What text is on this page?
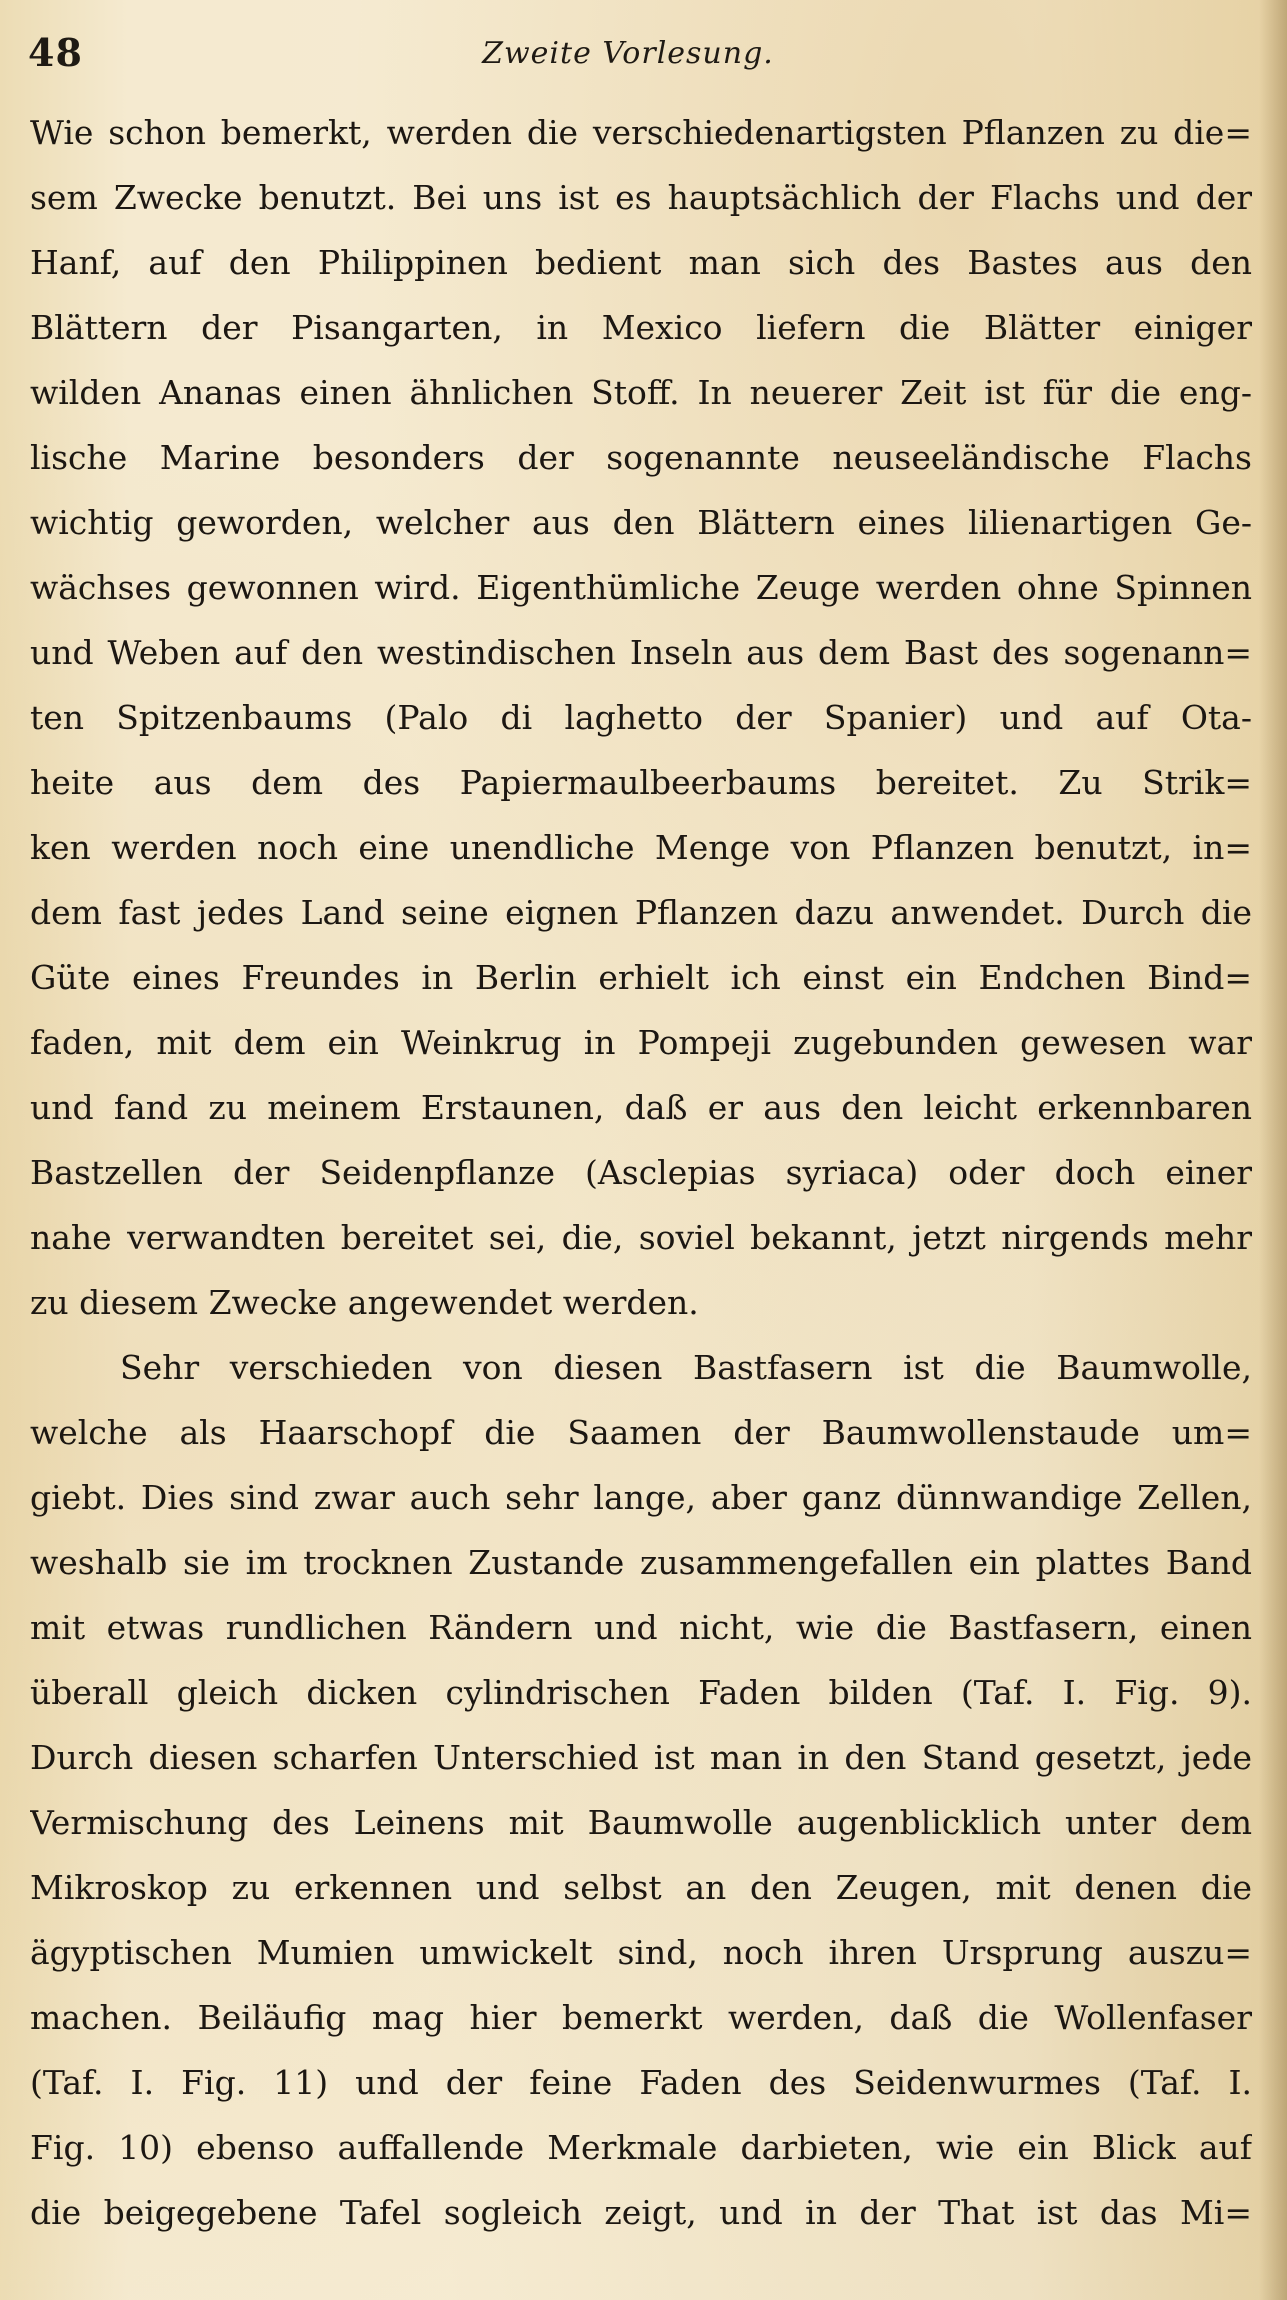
48	Zweite Vorlesung.
Wie schon bemerkt, werden die verschiedenartigsten Pflanzen zu die=
sem Zwecke benutzt. Bei uns ist es hauptsächlich der Flachs und der
Hanf, auf den Philippinen bedient man sich des Bastes aus den
Blättern der Pisangarten, in Mexico liefern die Blätter einiger
wilden Ananas einen ähnlichen Stoff. In neuerer Zeit ist für die eng-
lische Marine besonders der sogenannte neuseeländische Flachs
wichtig geworden, welcher aus den Blättern eines lilienartigen Ge-
wächses gewonnen wird. Eigenthümliche Zeuge werden ohne Spinnen
und Weben auf den westindischen Inseln aus dem Bast des sogenann=
ten Spitzenbaums (Palo di laghetto der Spanier) und auf Ota-
heite aus dem des Papiermaulbeerbaums bereitet. Zu Strik=
ken werden noch eine unendliche Menge von Pflanzen benutzt, in=
dem fast jedes Land seine eignen Pflanzen dazu anwendet. Durch die
Güte eines Freundes in Berlin erhielt ich einst ein Endchen Bind=
faden, mit dem ein Weinkrug in Pompeji zugebunden gewesen war
und fand zu meinem Erstaunen, daß er aus den leicht erkennbaren
Bastzellen der Seidenpflanze (Asclepias syriaca) oder doch einer
nahe verwandten bereitet sei, die, soviel bekannt, jetzt nirgends mehr
zu diesem Zwecke angewendet werden.
Sehr verschieden von diesen Bastfasern ist die Baumwolle,
welche als Haarschopf die Saamen der Baumwollenstaude um=
giebt. Dies sind zwar auch sehr lange, aber ganz dünnwandige Zellen,
weshalb sie im trocknen Zustande zusammengefallen ein plattes Band
mit etwas rundlichen Rändern und nicht, wie die Bastfasern, einen
überall gleich dicken cylindrischen Faden bilden (Taf. I. Fig. 9).
Durch diesen scharfen Unterschied ist man in den Stand gesetzt, jede
Vermischung des Leinens mit Baumwolle augenblicklich unter dem
Mikroskop zu erkennen und selbst an den Zeugen, mit denen die
ägyptischen Mumien umwickelt sind, noch ihren Ursprung auszu=
machen. Beiläufig mag hier bemerkt werden, daß die Wollenfaser
(Taf. I. Fig. 11) und der feine Faden des Seidenwurmes (Taf. I.
Fig. 10) ebenso auffallende Merkmale darbieten, wie ein Blick auf
die beigegebene Tafel sogleich zeigt, und in der That ist das Mi=
